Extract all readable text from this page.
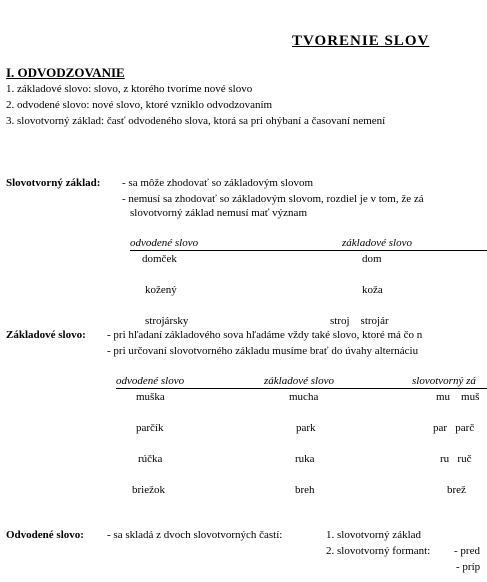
TVORENIE SLOV
I. ODVODZOVANIE
1. základové slovo: slovo, z ktorého tvoríme nové slovo
2. odvodené slovo: nové slovo, ktoré vzniklo odvodzovaním
3. slovotvorný základ: časť odvodeného slova, ktorá sa pri ohýbaní a časovaní nemení
Slovotvorný základ: - sa môže zhodovať so základovým slovom
- nemusí sa zhodovať so základovým slovom, rozdiel je v tom, že zá
slovotvorný základ nemusí mať význam
odvodené slovo	základové slovo
domček	dom
kožený	koža
strojársky	stroj    strojár
Základové slovo: - pri hľadaní základového sova hľadáme vždy také slovo, ktoré má čo n
- pri určovaní slovotvorného základu musíme brať do úvahy alternáciu
odvodené slovo	základové slovo	slovotvorný zá
muška	mucha	mu    muš
parčík	park	par   parč
rúčka	ruka	ru   ruč
briežok	breh	brež
Odvodené slovo: - sa skladá z dvoch slovotvorných častí:	1. slovotvorný základ
2. slovotvorný formant: - pred
- príp
